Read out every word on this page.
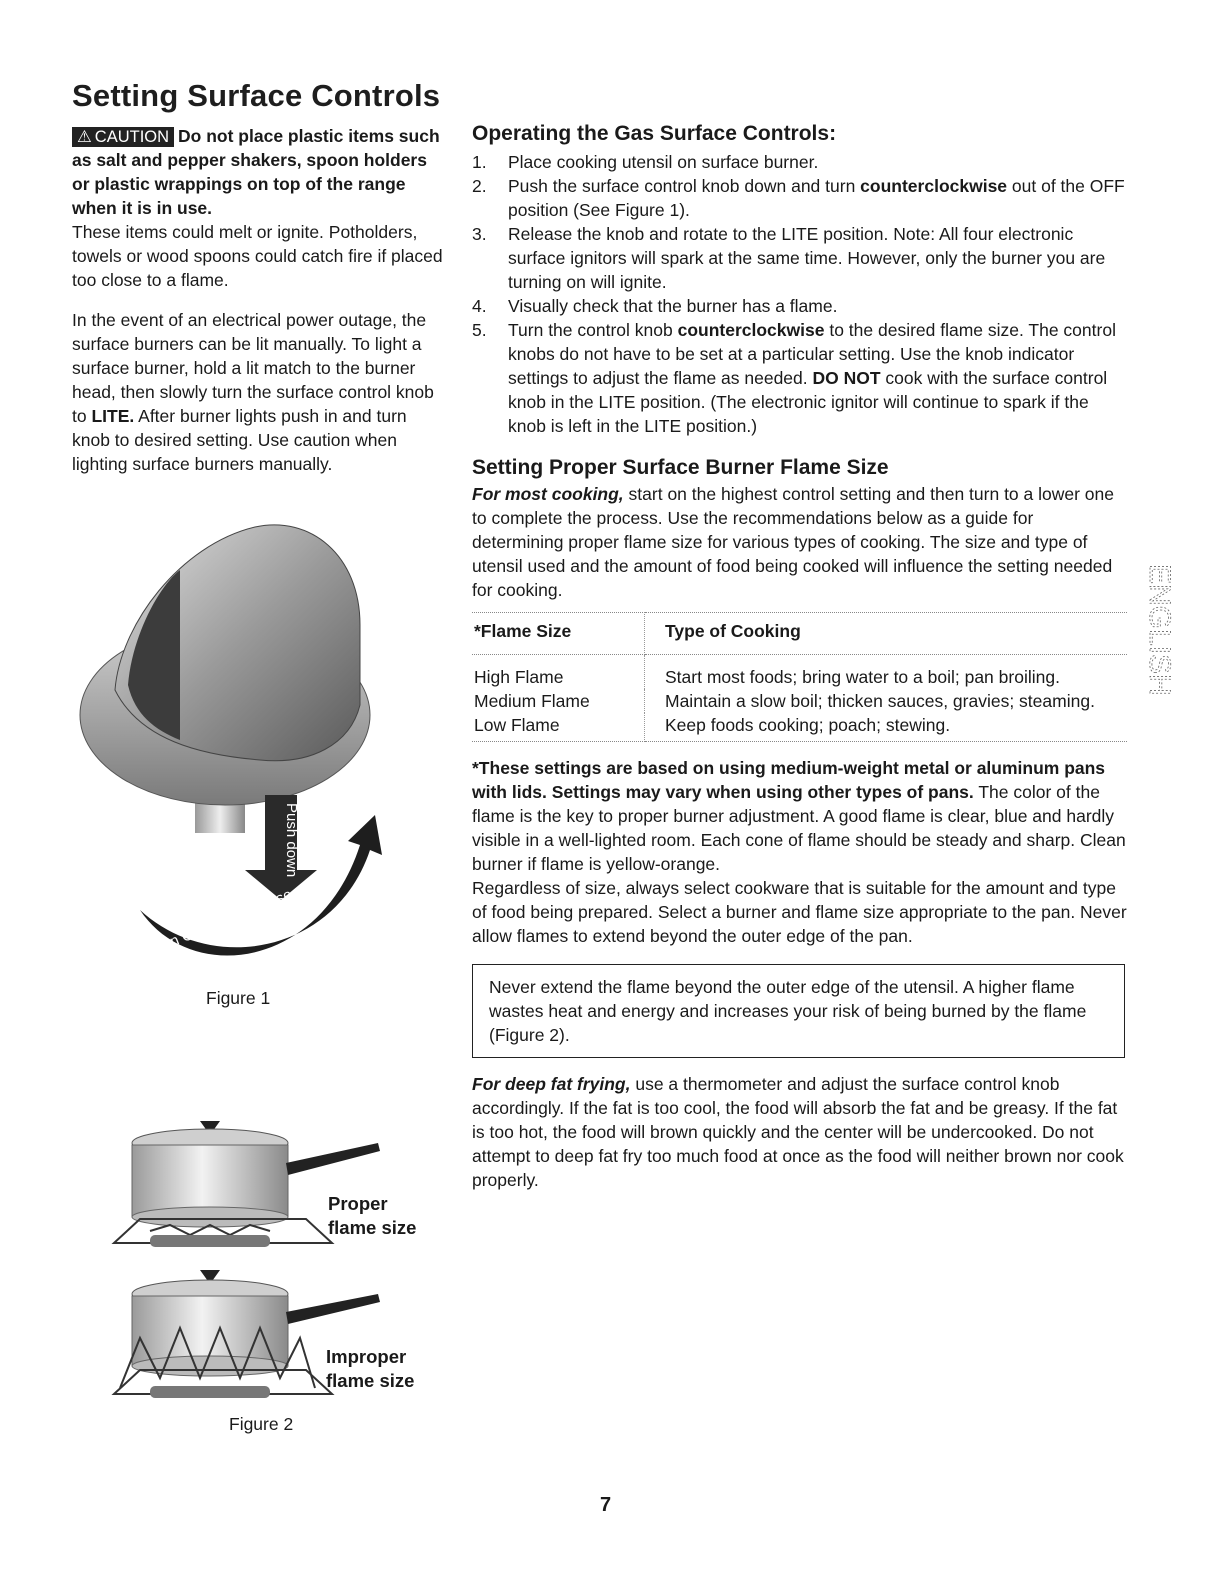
Setting Surface Controls
⚠ CAUTION Do not place plastic items such as salt and pepper shakers, spoon holders or plastic wrappings on top of the range when it is in use.
These items could melt or ignite. Potholders, towels or wood spoons could catch fire if placed too close to a flame.
In the event of an electrical power outage, the surface burners can be lit manually. To light a surface burner, hold a lit match to the burner head, then slowly turn the surface control knob to LITE. After burner lights push in and turn knob to desired setting. Use caution when lighting surface burners manually.
Push down
Turn Counterclockwise
Figure 1
Proper
flame size
Improper
flame size
Figure 2
Operating the Gas Surface Controls:
1. Place cooking utensil on surface burner.
2. Push the surface control knob down and turn counterclockwise out of the OFF position (See Figure 1).
3. Release the knob and rotate to the LITE position. Note: All four electronic surface ignitors will spark at the same time. However, only the burner you are turning on will ignite.
4. Visually check that the burner has a flame.
5. Turn the control knob counterclockwise to the desired flame size. The control knobs do not have to be set at a particular setting. Use the knob indicator settings to adjust the flame as needed. DO NOT cook with the surface control knob in the LITE position. (The electronic ignitor will continue to spark if the knob is left in the LITE position.)
Setting Proper Surface Burner Flame Size
For most cooking, start on the highest control setting and then turn to a lower one to complete the process. Use the recommendations below as a guide for determining proper flame size for various types of cooking. The size and type of utensil used and the amount of food being cooked will influence the setting needed for cooking.
*Flame Size	Type of Cooking
High Flame	Start most foods; bring water to a boil; pan broiling.
Medium Flame	Maintain a slow boil; thicken sauces, gravies; steaming.
Low Flame	Keep foods cooking; poach; stewing.
*These settings are based on using medium-weight metal or aluminum pans with lids. Settings may vary when using other types of pans. The color of the flame is the key to proper burner adjustment. A good flame is clear, blue and hardly visible in a well-lighted room. Each cone of flame should be steady and sharp. Clean burner if flame is yellow-orange.
Regardless of size, always select cookware that is suitable for the amount and type of food being prepared. Select a burner and flame size appropriate to the pan. Never allow flames to extend beyond the outer edge of the pan.
Never extend the flame beyond the outer edge of the utensil. A higher flame wastes heat and energy and increases your risk of being burned by the flame (Figure 2).
For deep fat frying, use a thermometer and adjust the surface control knob accordingly. If the fat is too cool, the food will absorb the fat and be greasy. If the fat is too hot, the food will brown quickly and the center will be undercooked. Do not attempt to deep fat fry too much food at once as the food will neither brown nor cook properly.
ENGLISH
7
